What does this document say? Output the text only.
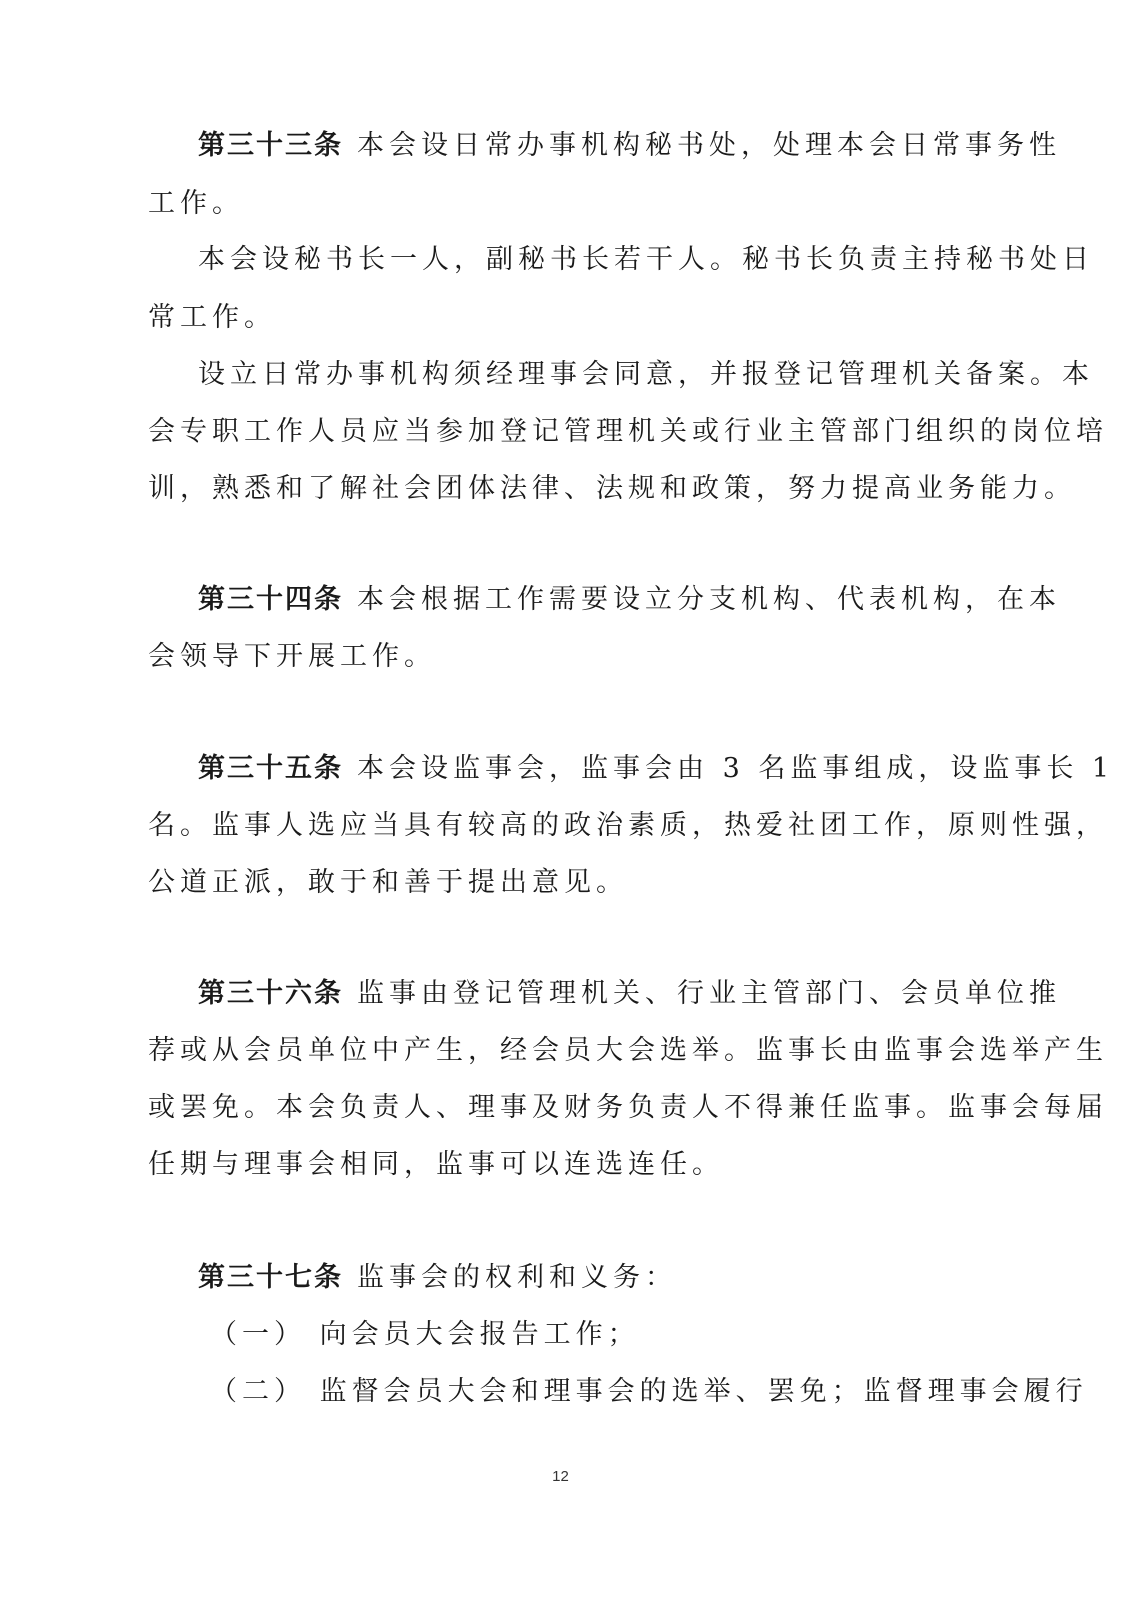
第三十三条 本会设日常办事机构秘书处，处理本会日常事务性
工作。
本会设秘书长一人，副秘书长若干人。秘书长负责主持秘书处日
常工作。
设立日常办事机构须经理事会同意，并报登记管理机关备案。本
会专职工作人员应当参加登记管理机关或行业主管部门组织的岗位培
训，熟悉和了解社会团体法律、法规和政策，努力提高业务能力。
第三十四条 本会根据工作需要设立分支机构、代表机构，在本
会领导下开展工作。
第三十五条 本会设监事会，监事会由 3 名监事组成，设监事长 1
名。监事人选应当具有较高的政治素质，热爱社团工作，原则性强，
公道正派，敢于和善于提出意见。
第三十六条 监事由登记管理机关、行业主管部门、会员单位推
荐或从会员单位中产生，经会员大会选举。监事长由监事会选举产生
或罢免。本会负责人、理事及财务负责人不得兼任监事。监事会每届
任期与理事会相同，监事可以连选连任。
第三十七条 监事会的权利和义务：
（一） 向会员大会报告工作；
（二） 监督会员大会和理事会的选举、罢免；监督理事会履行
12
